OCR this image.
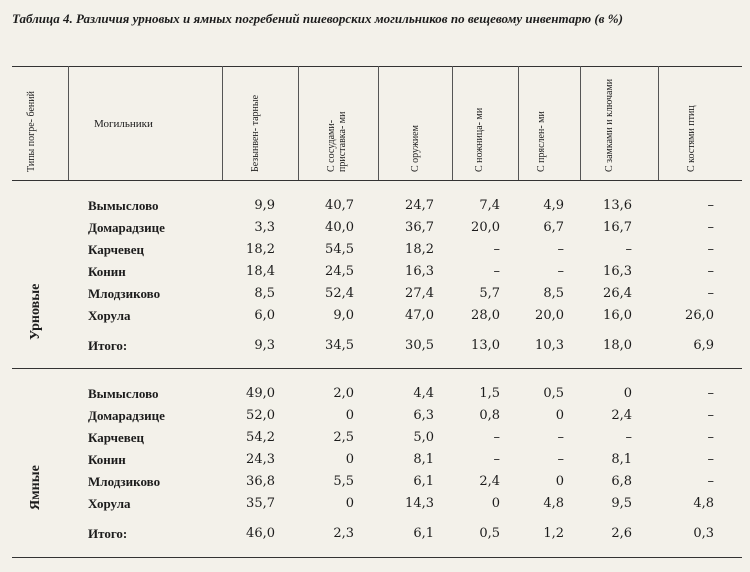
Таблица 4. Различия урновых и ямных погребений пшеворских могильников по вещевому инвентарю (в %)
Типы погре- бений	Могильники	Безынвен- тарные	С сосудами- приставка- ми	С оружием	С ножница- ми	С пряслен- ми	С замками и ключами	С костями птиц
Урновые
Ямные
Вымыслово	9,9	40,7	24,7	7,4	4,9	13,6	–
Домарадзице	3,3	40,0	36,7	20,0	6,7	16,7	–
Карчевец	18,2	54,5	18,2	–	–	–	–
Конин	18,4	24,5	16,3	–	–	16,3	–
Млодзиково	8,5	52,4	27,4	5,7	8,5	26,4	–
Хорула	6,0	9,0	47,0	28,0	20,0	16,0	26,0
Итого:	9,3	34,5	30,5	13,0	10,3	18,0	6,9
Вымыслово	49,0	2,0	4,4	1,5	0,5	0	–
Домарадзице	52,0	0	6,3	0,8	0	2,4	–
Карчевец	54,2	2,5	5,0	–	–	–	–
Конин	24,3	0	8,1	–	–	8,1	–
Млодзиково	36,8	5,5	6,1	2,4	0	6,8	–
Хорула	35,7	0	14,3	0	4,8	9,5	4,8
Итого:	46,0	2,3	6,1	0,5	1,2	2,6	0,3
